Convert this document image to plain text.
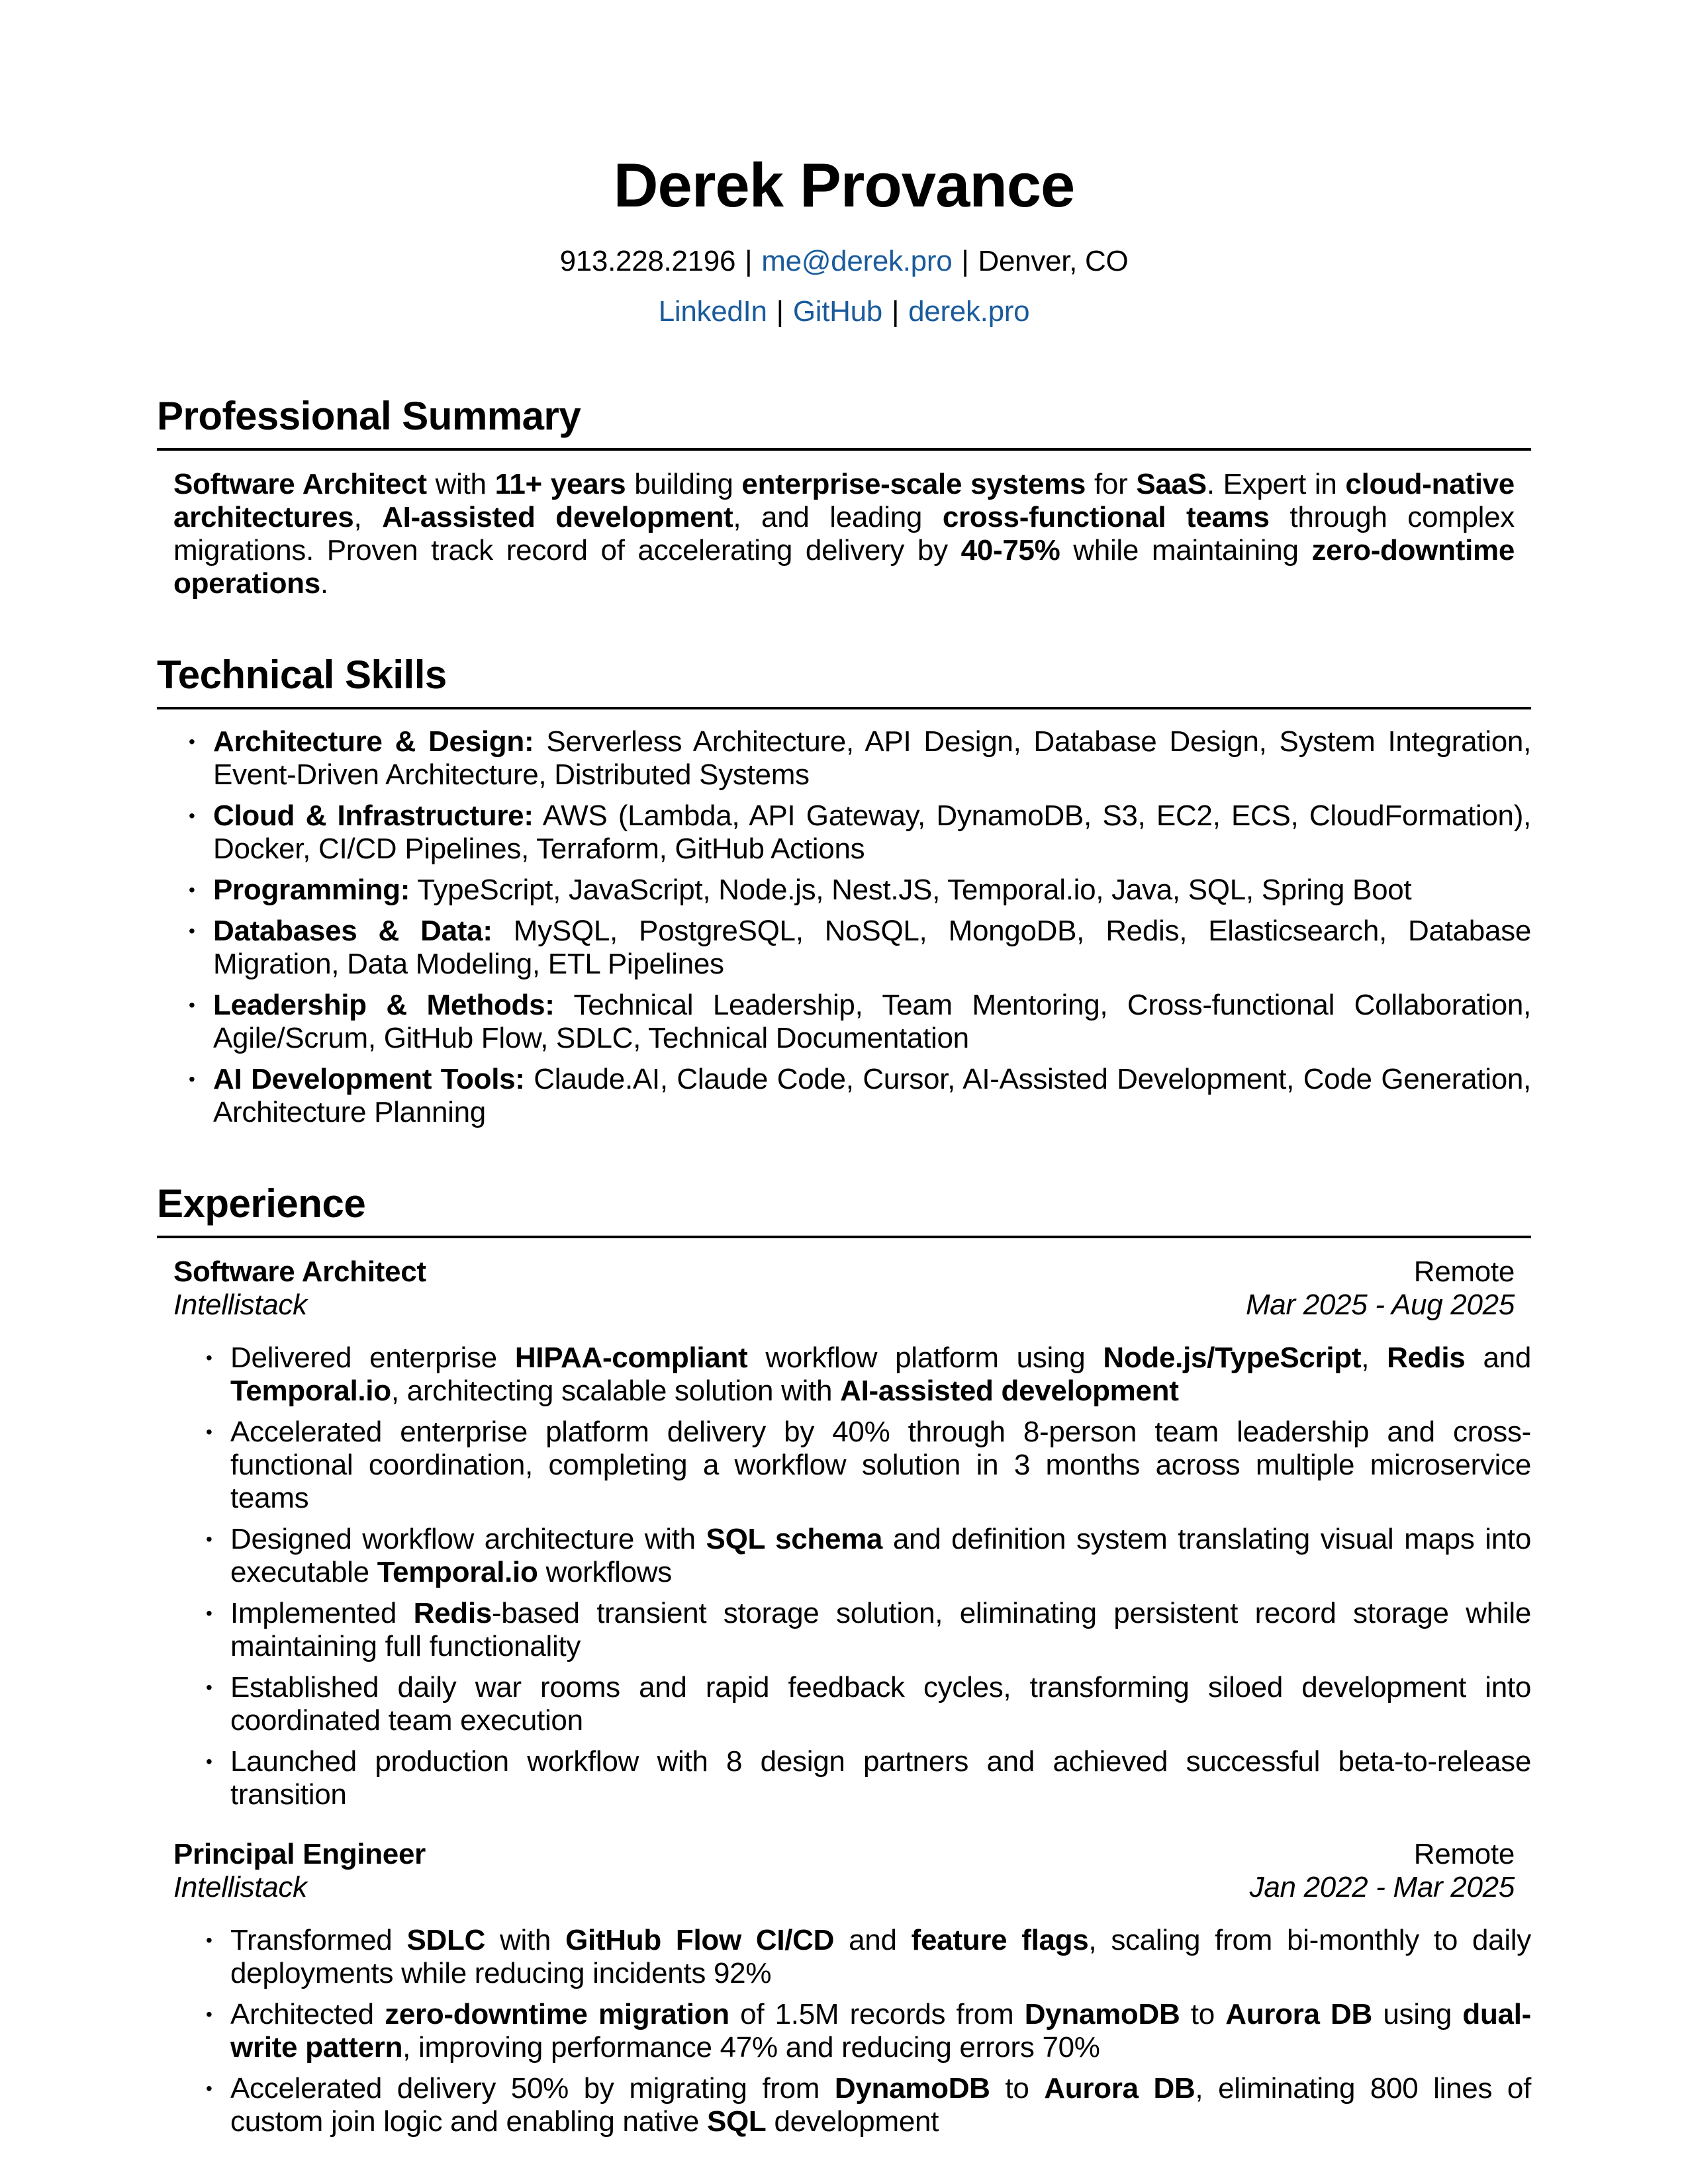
Derek Provance

913.228.2196 | me@derek.pro | Denver, CO

LinkedIn | GitHub | derek.pro

Professional Summary

Software Architect with 11+ years building enterprise-scale systems for SaaS. Expert in cloud-native architectures, AI-assisted development, and leading cross-functional teams through complex migrations. Proven track record of accelerating delivery by 40-75% while maintaining zero-downtime operations.

Technical Skills
• Architecture & Design: Serverless Architecture, API Design, Database Design, System Integration, Event-Driven Architecture, Distributed Systems
• Cloud & Infrastructure: AWS (Lambda, API Gateway, DynamoDB, S3, EC2, ECS, CloudFormation), Docker, CI/CD Pipelines, Terraform, GitHub Actions
• Programming: TypeScript, JavaScript, Node.js, Nest.JS, Temporal.io, Java, SQL, Spring Boot
• Databases & Data: MySQL, PostgreSQL, NoSQL, MongoDB, Redis, Elasticsearch, Database Migration, Data Modeling, ETL Pipelines
• Leadership & Methods: Technical Leadership, Team Mentoring, Cross-functional Collaboration, Agile/Scrum, GitHub Flow, SDLC, Technical Documentation
• AI Development Tools: Claude.AI, Claude Code, Cursor, AI-Assisted Development, Code Generation, Architecture Planning
Experience
Software Architect	Remote
Intellistack	Mar 2025 - Aug 2025
• Delivered enterprise HIPAA-compliant workflow platform using Node.js/TypeScript, Redis and Temporal.io, architecting scalable solution with AI-assisted development
• Accelerated enterprise platform delivery by 40% through 8-person team leadership and cross-functional coordination, completing a workflow solution in 3 months across multiple microservice teams
• Designed workflow architecture with SQL schema and definition system translating visual maps into executable Temporal.io workflows
• Implemented Redis-based transient storage solution, eliminating persistent record storage while maintaining full functionality
• Established daily war rooms and rapid feedback cycles, transforming siloed development into coordinated team execution
• Launched production workflow with 8 design partners and achieved successful beta-to-release transition
Principal Engineer	Remote
Intellistack	Jan 2022 - Mar 2025
• Transformed SDLC with GitHub Flow CI/CD and feature flags, scaling from bi-monthly to daily deployments while reducing incidents 92%
• Architected zero-downtime migration of 1.5M records from DynamoDB to Aurora DB using dual-write pattern, improving performance 47% and reducing errors 70%
• Accelerated delivery 50% by migrating from DynamoDB to Aurora DB, eliminating 800 lines of custom join logic and enabling native SQL development
